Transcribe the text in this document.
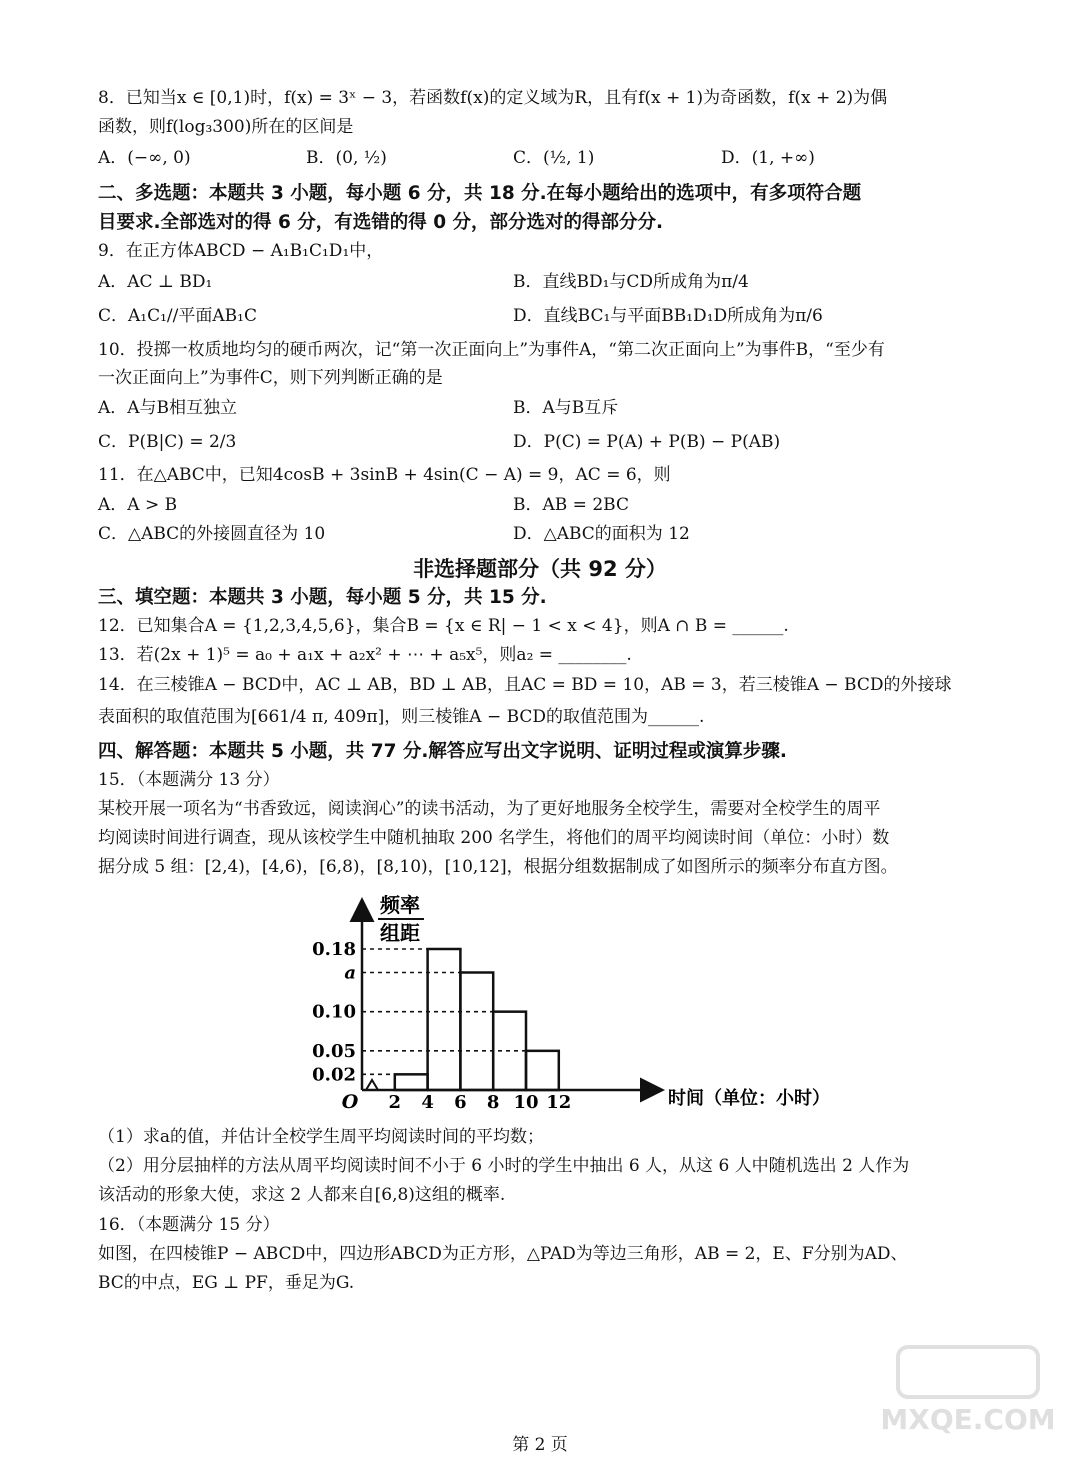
8．已知当x ∈ [0,1)时，f(x) = 3ˣ − 3，若函数f(x)的定义域为R，且有f(x + 1)为奇函数，f(x + 2)为偶
函数，则f(log₃300)所在的区间是
A．(−∞, 0)	B．(0, ½)	C．(½, 1)	D．(1, +∞)
二、多选题：本题共 3 小题，每小题 6 分，共 18 分.在每小题给出的选项中，有多项符合题
目要求.全部选对的得 6 分，有选错的得 0 分，部分选对的得部分分.
9．在正方体ABCD − A₁B₁C₁D₁中，
A．AC ⊥ BD₁	B．直线BD₁与CD所成角为π/4
C．A₁C₁//平面AB₁C	D．直线BC₁与平面BB₁D₁D所成角为π/6
10．投掷一枚质地均匀的硬币两次，记“第一次正面向上”为事件A，“第二次正面向上”为事件B，“至少有
一次正面向上”为事件C，则下列判断正确的是
A．A与B相互独立	B．A与B互斥
C．P(B|C) = 2/3	D．P(C) = P(A) + P(B) − P(AB)
11．在△ABC中，已知4cosB + 3sinB + 4sin(C − A) = 9，AC = 6，则
A．A > B	B．AB = 2BC
C．△ABC的外接圆直径为 10	D．△ABC的面积为 12
非选择题部分（共 92 分）
三、填空题：本题共 3 小题，每小题 5 分，共 15 分.
12．已知集合A = {1,2,3,4,5,6}，集合B = {x ∈ R| − 1 < x < 4}，则A ∩ B = ______.
13．若(2x + 1)⁵ = a₀ + a₁x + a₂x² + ⋯ + a₅x⁵，则a₂ = ________.
14．在三棱锥A − BCD中，AC ⊥ AB，BD ⊥ AB，且AC = BD = 10，AB = 3，若三棱锥A − BCD的外接球
表面积的取值范围为[661/4 π, 409π]，则三棱锥A − BCD的取值范围为______.
四、解答题：本题共 5 小题，共 77 分.解答应写出文字说明、证明过程或演算步骤.
15．（本题满分 13 分）
某校开展一项名为“书香致远，阅读润心”的读书活动，为了更好地服务全校学生，需要对全校学生的周平
均阅读时间进行调查，现从该校学生中随机抽取 200 名学生，将他们的周平均阅读时间（单位：小时）数
据分成 5 组：[2,4)，[4,6)，[6,8)，[8,10)，[10,12]，根据分组数据制成了如图所示的频率分布直方图。
频率
组距
O	时间（单位：小时）
0.02
0.05
0.10
a
0.18
2 4 6 8 10 12
（1）求a的值，并估计全校学生周平均阅读时间的平均数；
（2）用分层抽样的方法从周平均阅读时间不小于 6 小时的学生中抽出 6 人，从这 6 人中随机选出 2 人作为
该活动的形象大使，求这 2 人都来自[6,8)这组的概率.
16．（本题满分 15 分）
如图，在四棱锥P − ABCD中，四边形ABCD为正方形，△PAD为等边三角形，AB = 2，E、F分别为AD、
BC的中点，EG ⊥ PF，垂足为G.
第 2 页
MXQE.COM
